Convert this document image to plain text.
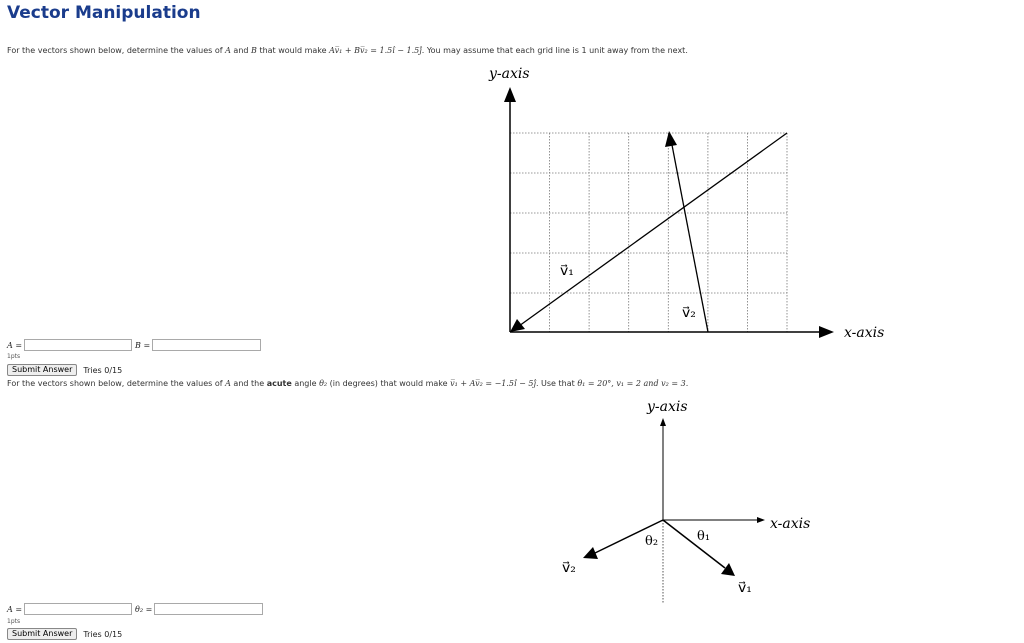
Vector Manipulation
For the vectors shown below, determine the values of A and B that would make Av̅₁ + Bv̅₂ = 1.5î − 1.5ĵ. You may assume that each grid line is 1 unit away from the next.
y-axis
x-axis
v⃗₁
v⃗₂
A =	B =
1pts
Submit Answer	Tries 0/15
For the vectors shown below, determine the values of A and the acute angle θ₂ (in degrees) that would make v̅₁ + Av̅₂ = −1.5î − 5ĵ. Use that θ₁ = 20°, v₁ = 2 and v₂ = 3.
y-axis
x-axis
θ₁
θ₂
v⃗₁
v⃗₂
A =	θ₂ =
1pts
Submit Answer	Tries 0/15
